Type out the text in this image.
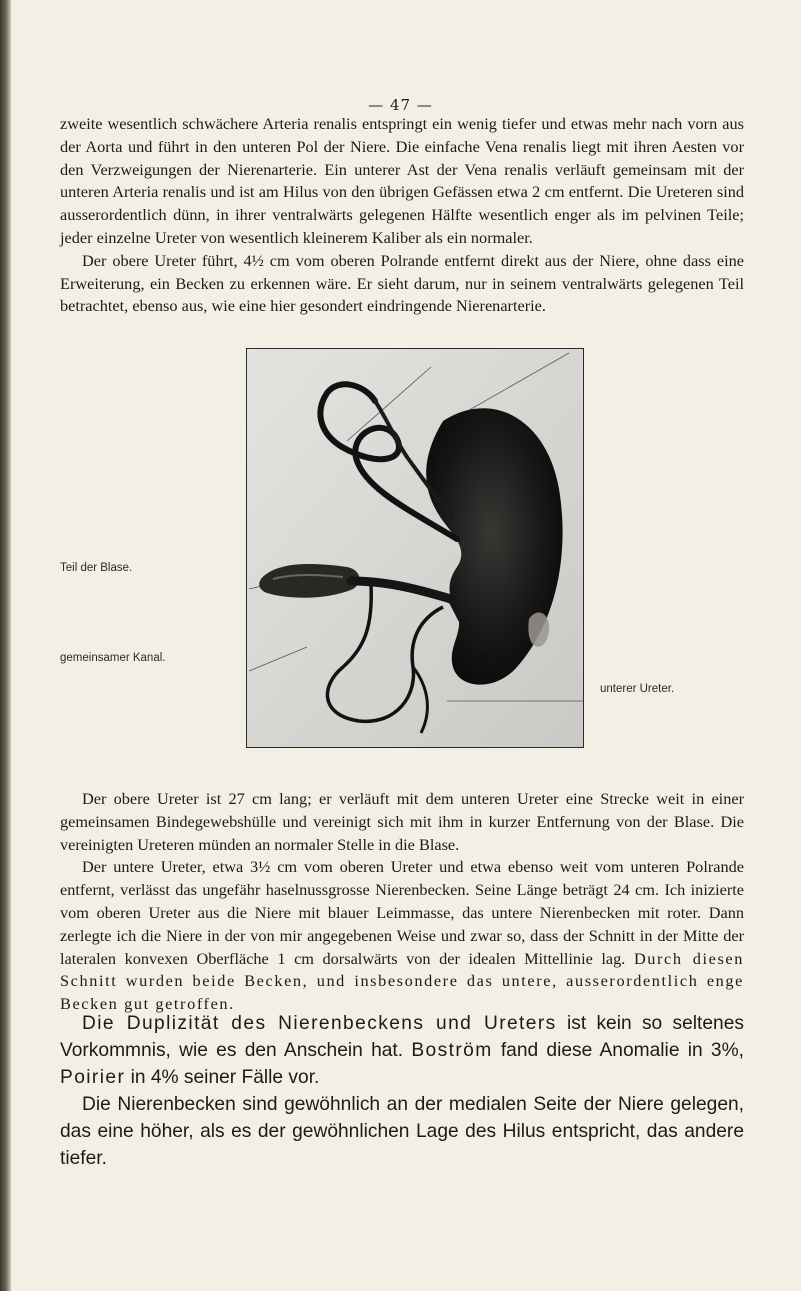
— 47 —

zweite wesentlich schwächere Arteria renalis entspringt ein wenig tiefer und etwas mehr nach vorn aus der Aorta und führt in den unteren Pol der Niere. Die einfache Vena renalis liegt mit ihren Aesten vor den Verzweigungen der Nierenarterie. Ein unterer Ast der Vena renalis verläuft gemeinsam mit der unteren Arteria renalis und ist am Hilus von den übrigen Gefässen etwa 2 cm entfernt. Die Ureteren sind ausserordentlich dünn, in ihrer ventralwärts gelegenen Hälfte wesentlich enger als im pelvinen Teile; jeder einzelne Ureter von wesentlich kleinerem Kaliber als ein normaler.

Der obere Ureter führt, 4½ cm vom oberen Polrande entfernt direkt aus der Niere, ohne dass eine Erweiterung, ein Becken zu erkennen wäre. Er sieht darum, nur in seinem ventralwärts gelegenen Teil betrachtet, ebenso aus, wie eine hier gesondert eindringende Nierenarterie.

Teil der Blase.
gemeinsamer Kanal.
unterer Ureter.

Der obere Ureter ist 27 cm lang; er verläuft mit dem unteren Ureter eine Strecke weit in einer gemeinsamen Bindegewebshülle und vereinigt sich mit ihm in kurzer Entfernung von der Blase. Die vereinigten Ureteren münden an normaler Stelle in die Blase.

Der untere Ureter, etwa 3½ cm vom oberen Ureter und etwa ebenso weit vom unteren Polrande entfernt, verlässt das ungefähr haselnussgrosse Nierenbecken. Seine Länge beträgt 24 cm. Ich inizierte vom oberen Ureter aus die Niere mit blauer Leimmasse, das untere Nierenbecken mit roter. Dann zerlegte ich die Niere in der von mir angegebenen Weise und zwar so, dass der Schnitt in der Mitte der lateralen konvexen Oberfläche 1 cm dorsalwärts von der idealen Mittellinie lag. Durch diesen Schnitt wurden beide Becken, und insbesondere das untere, ausserordentlich enge Becken gut getroffen.

Die Duplizität des Nierenbeckens und Ureters ist kein so seltenes Vorkommnis, wie es den Anschein hat. Boström fand diese Anomalie in 3%, Poirier in 4% seiner Fälle vor.

Die Nierenbecken sind gewöhnlich an der medialen Seite der Niere gelegen, das eine höher, als es der gewöhnlichen Lage des Hilus entspricht, das andere tiefer.
